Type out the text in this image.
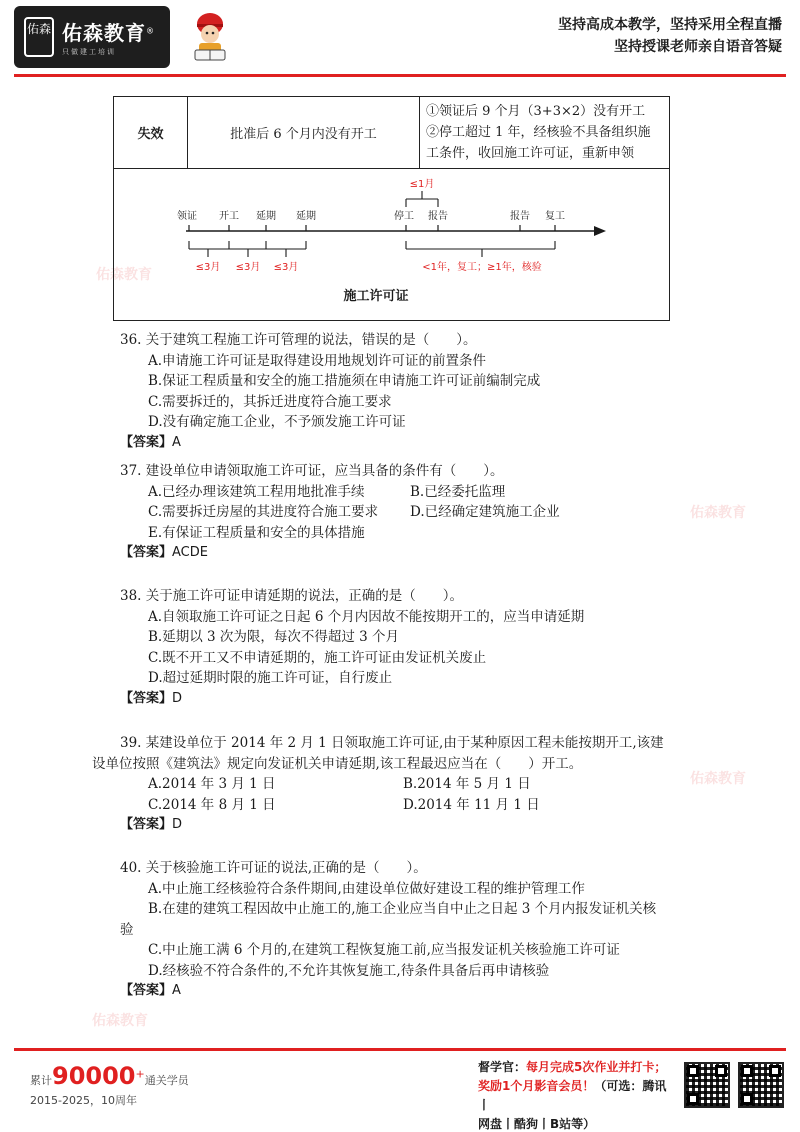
佑森 佑森教育®
只做建工培训
坚持高成本教学，坚持采用全程直播
坚持授课老师亲自语音答疑
佑森教育
佑森教育
佑森教育
佑森教育
失效	批准后 6 个月内没有开工	
①领证后 9 个月（3+3×2）没有开工
②停工超过 1 年，经核验不具备组织施工条件，收回施工许可证，重新申领

领证 开工 延期 延期	停工 报告	报告 复工
≤1月
≤3月 ≤3月 ≤3月	<1年，复工；≥1年，核验
施工许可证
36. 关于建筑工程施工许可管理的说法，错误的是（　　）。
A.申请施工许可证是取得建设用地规划许可证的前置条件
B.保证工程质量和安全的施工措施须在申请施工许可证前编制完成
C.需要拆迁的，其拆迁进度符合施工要求
D.没有确定施工企业，不予颁发施工许可证
【答案】A
37. 建设单位申请领取施工许可证，应当具备的条件有（　　）。
A.已经办理该建筑工程用地批准手续	B.已经委托监理
C.需要拆迁房屋的其进度符合施工要求	D.已经确定建筑施工企业
E.有保证工程质量和安全的具体措施
【答案】ACDE
38. 关于施工许可证申请延期的说法，正确的是（　　）。
A.自领取施工许可证之日起 6 个月内因故不能按期开工的，应当申请延期
B.延期以 3 次为限，每次不得超过 3 个月
C.既不开工又不申请延期的，施工许可证由发证机关废止
D.超过延期时限的施工许可证，自行废止
【答案】D
39. 某建设单位于 2014 年 2 月 1 日领取施工许可证,由于某种原因工程未能按期开工,该建
设单位按照《建筑法》规定向发证机关申请延期,该工程最迟应当在（　　）开工。
A.2014 年 3 月 1 日	B.2014 年 5 月 1 日
C.2014 年 8 月 1 日	D.2014 年 11 月 1 日
【答案】D
40. 关于核验施工许可证的说法,正确的是（　　）。
A.中止施工经核验符合条件期间,由建设单位做好建设工程的维护管理工作
B.在建的建筑工程因故中止施工的,施工企业应当自中止之日起 3 个月内报发证机关核
验
C.中止施工满 6 个月的,在建筑工程恢复施工前,应当报发证机关核验施工许可证
D.经核验不符合条件的,不允许其恢复施工,待条件具备后再申请核验
【答案】A
累计90000+通关学员
2015-2025，10周年
督学官：每月完成5次作业并打卡；
奖励1个月影音会员！（可选：腾讯丨
网盘丨酷狗丨B站等）
